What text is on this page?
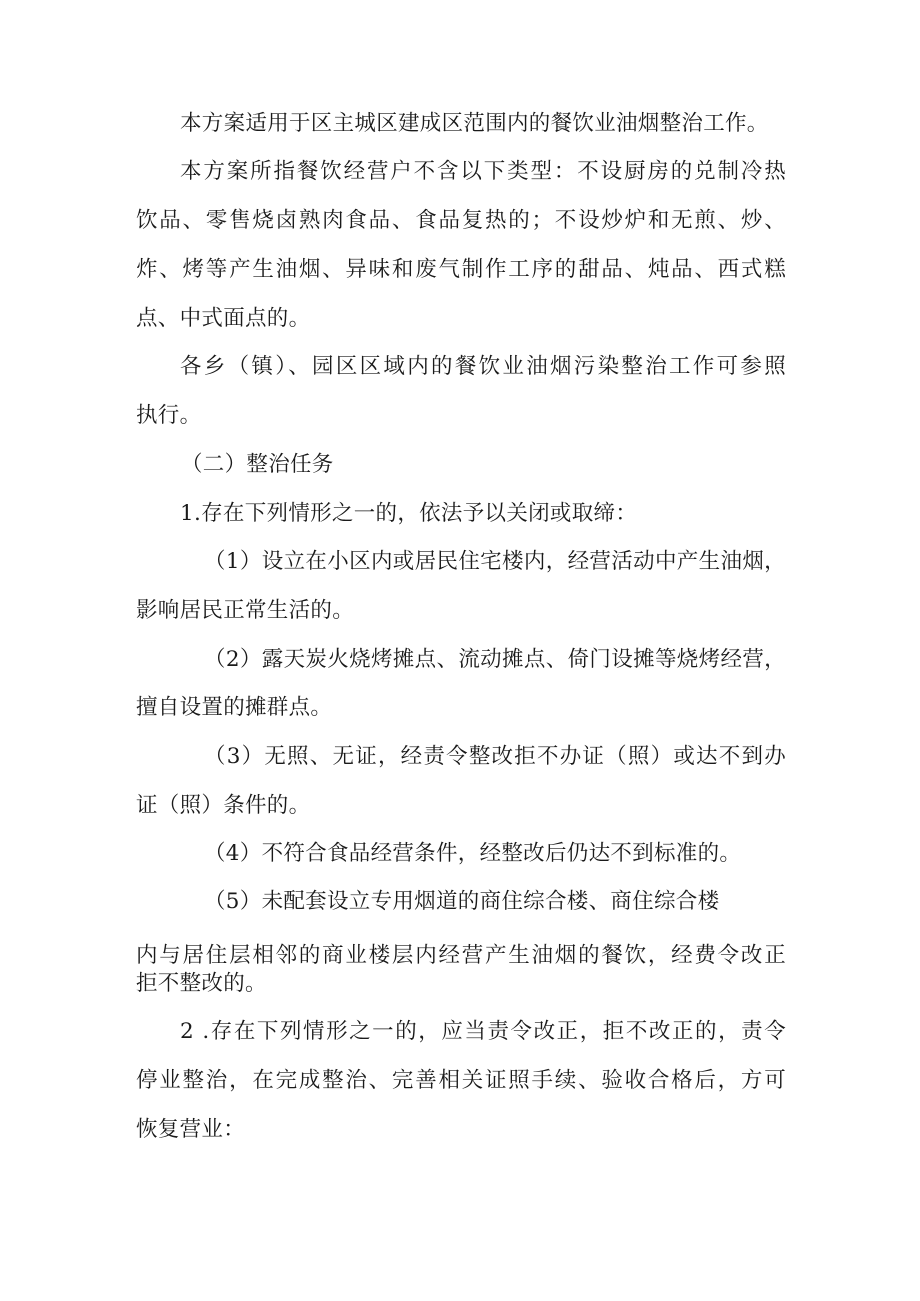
本方案适用于区主城区建成区范围内的餐饮业油烟整治工作。
本方案所指餐饮经营户不含以下类型：不设厨房的兑制冷热
饮品、零售烧卤熟肉食品、食品复热的；不设炒炉和无煎、炒、
炸、烤等产生油烟、异味和废气制作工序的甜品、炖品、西式糕
点、中式面点的。
各乡（镇）、园区区域内的餐饮业油烟污染整治工作可参照
执行。
（二）整治任务
1.存在下列情形之一的，依法予以关闭或取缔：
（1）设立在小区内或居民住宅楼内，经营活动中产生油烟，
影响居民正常生活的。
（2）露天炭火烧烤摊点、流动摊点、倚门设摊等烧烤经营，
擅自设置的摊群点。
（3）无照、无证，经责令整改拒不办证（照）或达不到办
证（照）条件的。
（4）不符合食品经营条件，经整改后仍达不到标准的。
（5）未配套设立专用烟道的商住综合楼、商住综合楼
内与居住层相邻的商业楼层内经营产生油烟的餐饮，经费令改正
拒不整改的。
2 .存在下列情形之一的，应当责令改正，拒不改正的，责令
停业整治，在完成整治、完善相关证照手续、验收合格后，方可
恢复营业：
